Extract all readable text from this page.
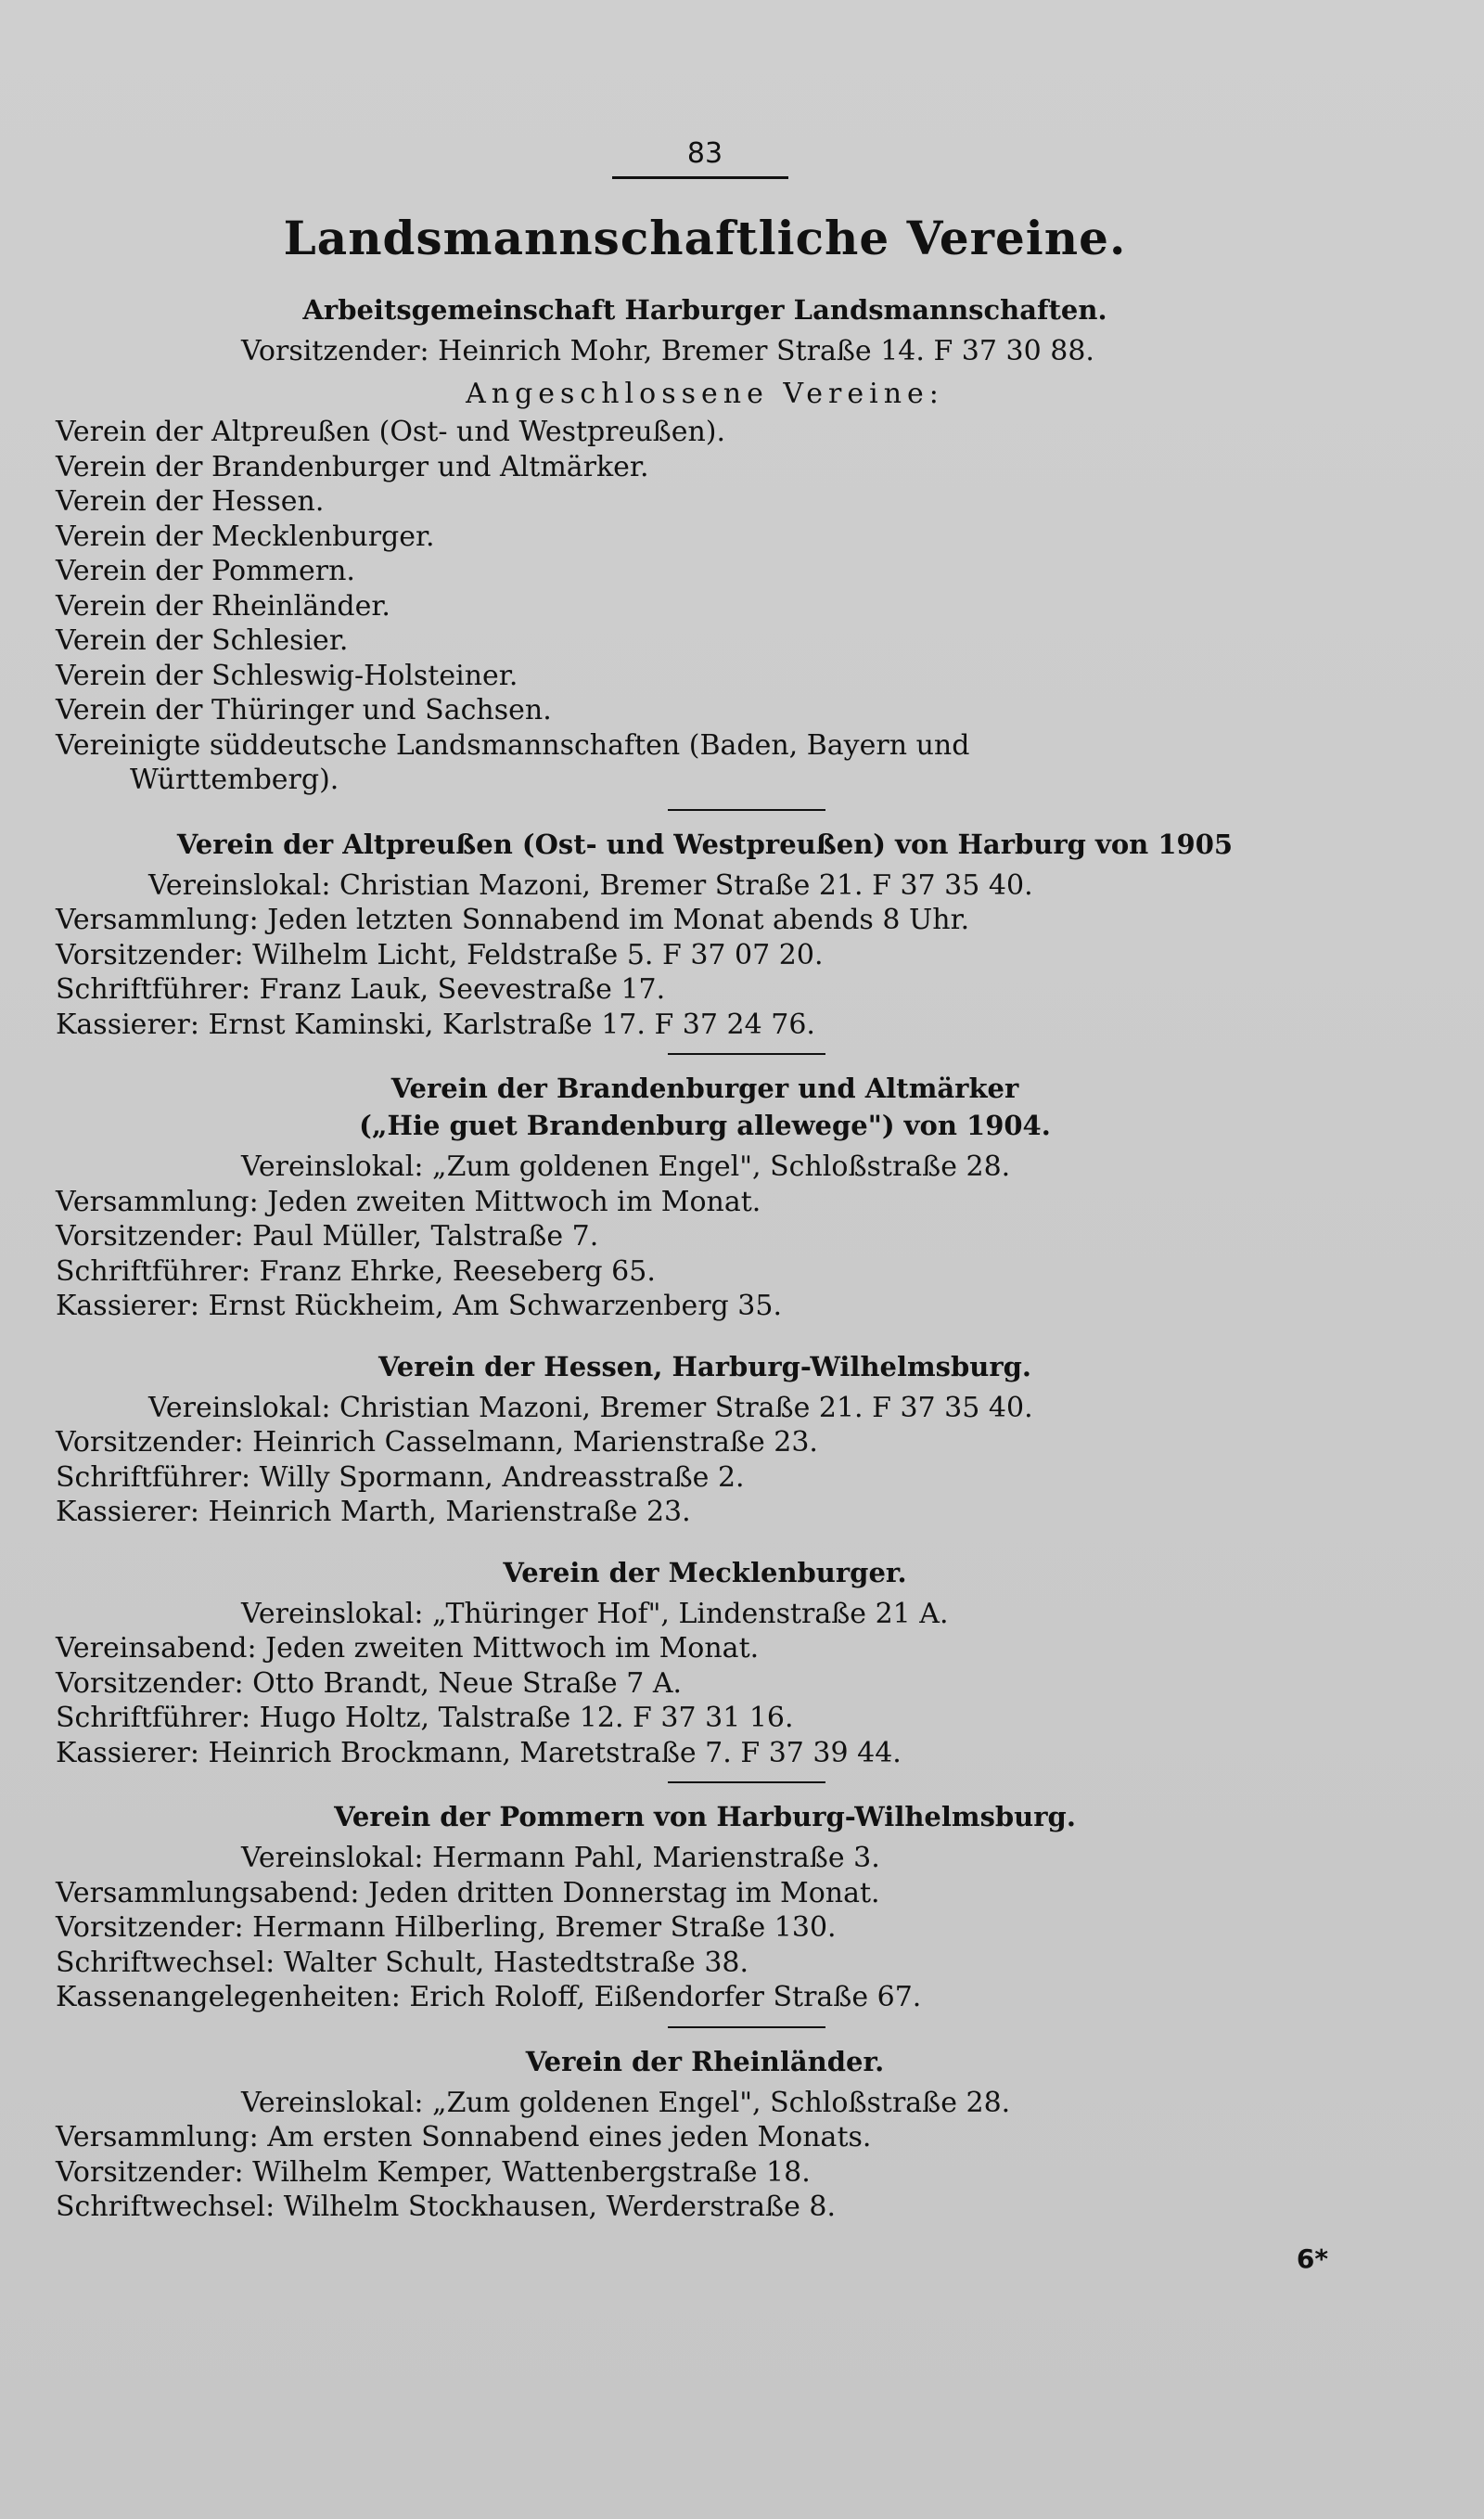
83
Landsmannschaftliche Vereine.
Arbeitsgemeinschaft Harburger Landsmannschaften.
Vorsitzender: Heinrich Mohr, Bremer Straße 14. F 37 30 88.
Angeschlossene Vereine:
Verein der Altpreußen (Ost- und Westpreußen).
Verein der Brandenburger und Altmärker.
Verein der Hessen.
Verein der Mecklenburger.
Verein der Pommern.
Verein der Rheinländer.
Verein der Schlesier.
Verein der Schleswig-Holsteiner.
Verein der Thüringer und Sachsen.
Vereinigte süddeutsche Landsmannschaften (Baden, Bayern und
Württemberg).
Verein der Altpreußen (Ost- und Westpreußen) von Harburg von 1905
Vereinslokal: Christian Mazoni, Bremer Straße 21. F 37 35 40.
Versammlung: Jeden letzten Sonnabend im Monat abends 8 Uhr.
Vorsitzender: Wilhelm Licht, Feldstraße 5. F 37 07 20.
Schriftführer: Franz Lauk, Seevestraße 17.
Kassierer: Ernst Kaminski, Karlstraße 17. F 37 24 76.
Verein der Brandenburger und Altmärker
(„Hie guet Brandenburg allewege") von 1904.
Vereinslokal: „Zum goldenen Engel", Schloßstraße 28.
Versammlung: Jeden zweiten Mittwoch im Monat.
Vorsitzender: Paul Müller, Talstraße 7.
Schriftführer: Franz Ehrke, Reeseberg 65.
Kassierer: Ernst Rückheim, Am Schwarzenberg 35.
Verein der Hessen, Harburg-Wilhelmsburg.
Vereinslokal: Christian Mazoni, Bremer Straße 21. F 37 35 40.
Vorsitzender: Heinrich Casselmann, Marienstraße 23.
Schriftführer: Willy Spormann, Andreasstraße 2.
Kassierer: Heinrich Marth, Marienstraße 23.
Verein der Mecklenburger.
Vereinslokal: „Thüringer Hof", Lindenstraße 21 A.
Vereinsabend: Jeden zweiten Mittwoch im Monat.
Vorsitzender: Otto Brandt, Neue Straße 7 A.
Schriftführer: Hugo Holtz, Talstraße 12. F 37 31 16.
Kassierer: Heinrich Brockmann, Maretstraße 7. F 37 39 44.
Verein der Pommern von Harburg-Wilhelmsburg.
Vereinslokal: Hermann Pahl, Marienstraße 3.
Versammlungsabend: Jeden dritten Donnerstag im Monat.
Vorsitzender: Hermann Hilberling, Bremer Straße 130.
Schriftwechsel: Walter Schult, Hastedtstraße 38.
Kassenangelegenheiten: Erich Roloff, Eißendorfer Straße 67.
Verein der Rheinländer.
Vereinslokal: „Zum goldenen Engel", Schloßstraße 28.
Versammlung: Am ersten Sonnabend eines jeden Monats.
Vorsitzender: Wilhelm Kemper, Wattenbergstraße 18.
Schriftwechsel: Wilhelm Stockhausen, Werderstraße 8.
6*
